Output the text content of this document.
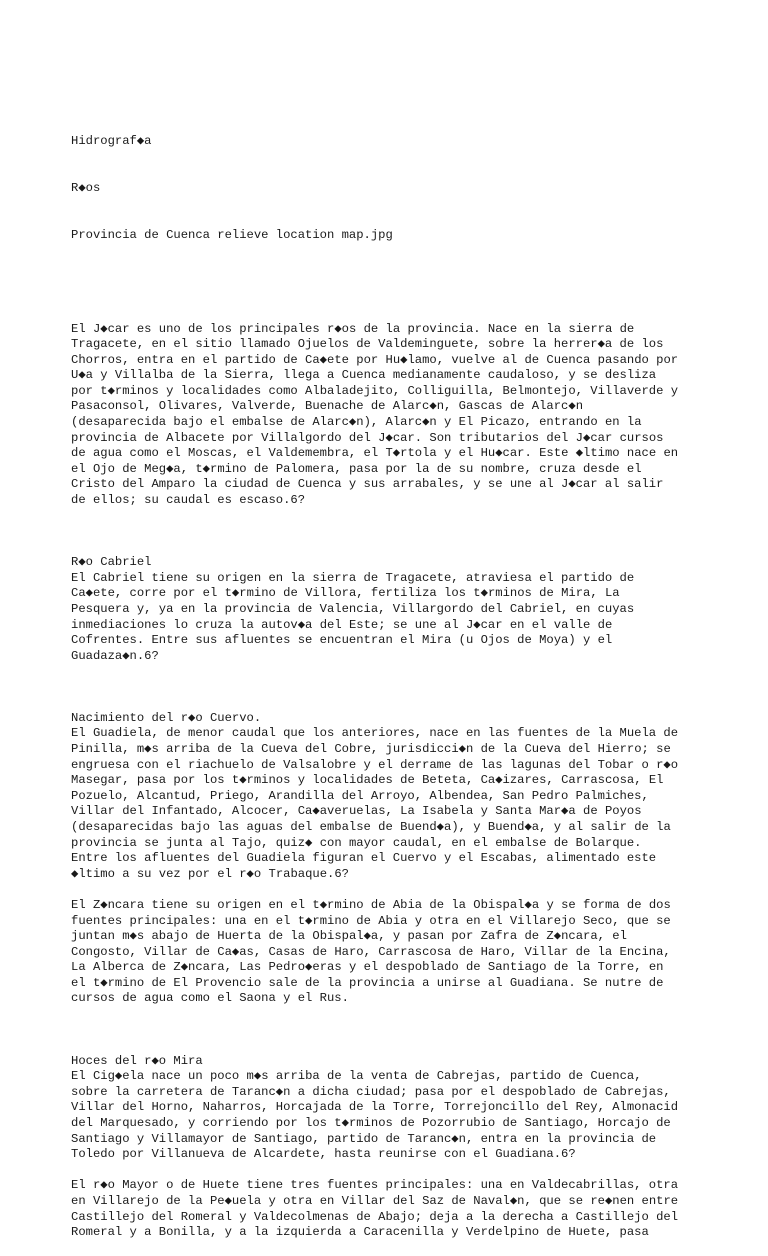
Hidrograf◆a

R◆os

Provincia de Cuenca relieve location map.jpg

El J◆car es uno de los principales r◆os de la provincia. Nace en la sierra de
Tragacete, en el sitio llamado Ojuelos de Valdeminguete, sobre la herrer◆a de los
Chorros, entra en el partido de Ca◆ete por Hu◆lamo, vuelve al de Cuenca pasando por
U◆a y Villalba de la Sierra, llega a Cuenca medianamente caudaloso, y se desliza
por t◆rminos y localidades como Albaladejito, Colliguilla, Belmontejo, Villaverde y
Pasaconsol, Olivares, Valverde, Buenache de Alarc◆n, Gascas de Alarc◆n
(desaparecida bajo el embalse de Alarc◆n), Alarc◆n y El Picazo, entrando en la
provincia de Albacete por Villalgordo del J◆car. Son tributarios del J◆car cursos
de agua como el Moscas, el Valdemembra, el T◆rtola y el Hu◆car. Este ◆ltimo nace en
el Ojo de Meg◆a, t◆rmino de Palomera, pasa por la de su nombre, cruza desde el
Cristo del Amparo la ciudad de Cuenca y sus arrabales, y se une al J◆car al salir
de ellos; su caudal es escaso.6?
R◆o Cabriel
El Cabriel tiene su origen en la sierra de Tragacete, atraviesa el partido de
Ca◆ete, corre por el t◆rmino de Villora, fertiliza los t◆rminos de Mira, La
Pesquera y, ya en la provincia de Valencia, Villargordo del Cabriel, en cuyas
inmediaciones lo cruza la autov◆a del Este; se une al J◆car en el valle de
Cofrentes. Entre sus afluentes se encuentran el Mira (u Ojos de Moya) y el
Guadaza◆n.6?
Nacimiento del r◆o Cuervo.
El Guadiela, de menor caudal que los anteriores, nace en las fuentes de la Muela de
Pinilla, m◆s arriba de la Cueva del Cobre, jurisdicci◆n de la Cueva del Hierro; se
engruesa con el riachuelo de Valsalobre y el derrame de las lagunas del Tobar o r◆o
Masegar, pasa por los t◆rminos y localidades de Beteta, Ca◆izares, Carrascosa, El
Pozuelo, Alcantud, Priego, Arandilla del Arroyo, Albendea, San Pedro Palmiches,
Villar del Infantado, Alcocer, Ca◆averuelas, La Isabela y Santa Mar◆a de Poyos
(desaparecidas bajo las aguas del embalse de Buend◆a), y Buend◆a, y al salir de la
provincia se junta al Tajo, quiz◆ con mayor caudal, en el embalse de Bolarque.
Entre los afluentes del Guadiela figuran el Cuervo y el Escabas, alimentado este
◆ltimo a su vez por el r◆o Trabaque.6?
El Z◆ncara tiene su origen en el t◆rmino de Abia de la Obispal◆a y se forma de dos
fuentes principales: una en el t◆rmino de Abia y otra en el Villarejo Seco, que se
juntan m◆s abajo de Huerta de la Obispal◆a, y pasan por Zafra de Z◆ncara, el
Congosto, Villar de Ca◆as, Casas de Haro, Carrascosa de Haro, Villar de la Encina,
La Alberca de Z◆ncara, Las Pedro◆eras y el despoblado de Santiago de la Torre, en
el t◆rmino de El Provencio sale de la provincia a unirse al Guadiana. Se nutre de
cursos de agua como el Saona y el Rus.
Hoces del r◆o Mira
El Cig◆ela nace un poco m◆s arriba de la venta de Cabrejas, partido de Cuenca,
sobre la carretera de Taranc◆n a dicha ciudad; pasa por el despoblado de Cabrejas,
Villar del Horno, Naharros, Horcajada de la Torre, Torrejoncillo del Rey, Almonacid
del Marquesado, y corriendo por los t◆rminos de Pozorrubio de Santiago, Horcajo de
Santiago y Villamayor de Santiago, partido de Taranc◆n, entra en la provincia de
Toledo por Villanueva de Alcardete, hasta reunirse con el Guadiana.6?
El r◆o Mayor o de Huete tiene tres fuentes principales: una en Valdecabrillas, otra
en Villarejo de la Pe◆uela y otra en Villar del Saz de Naval◆n, que se re◆nen entre
Castillejo del Romeral y Valdecolmenas de Abajo; deja a la derecha a Castillejo del
Romeral y a Bonilla, y a la izquierda a Caracenilla y Verdelpino de Huete, pasa
